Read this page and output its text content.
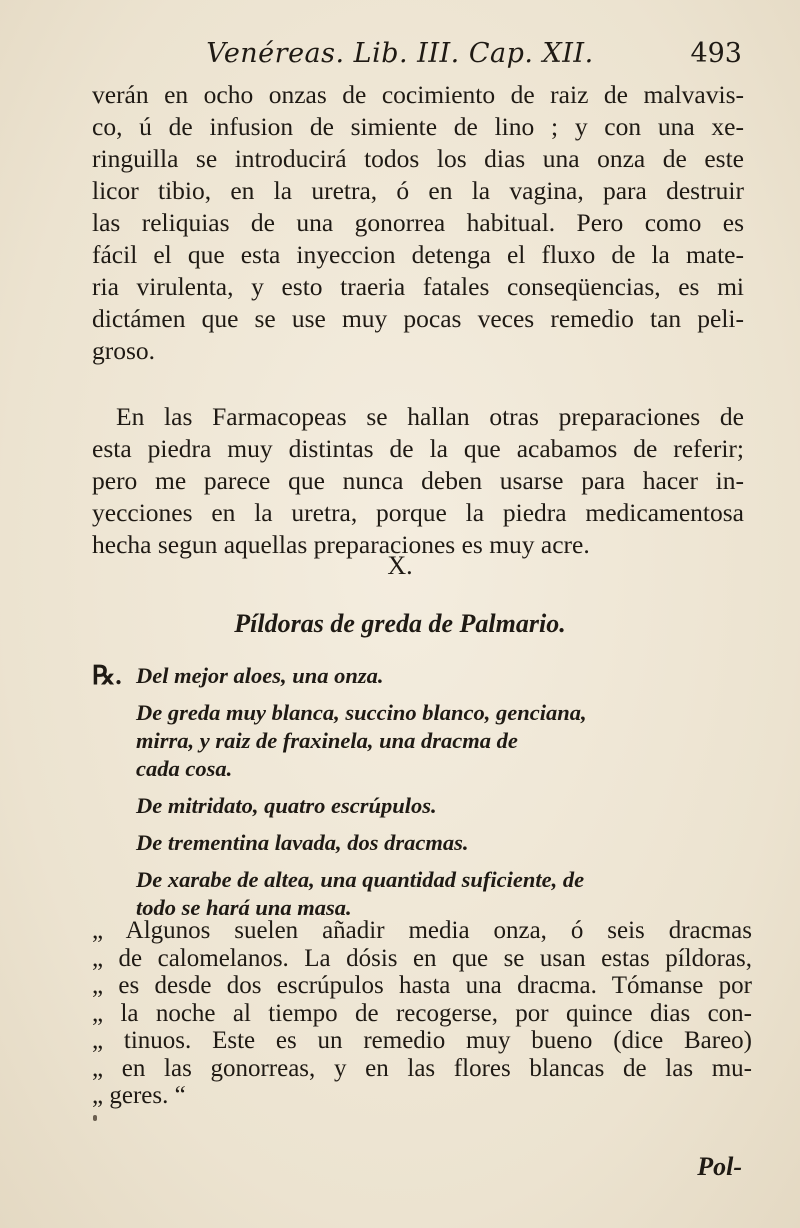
Venéreas. Lib. III. Cap. XII.	493
verán en ocho onzas de cocimiento de raiz de malvavis-
co, ú de infusion de simiente de lino ; y con una xe-
ringuilla se introducirá todos los dias una onza de este
licor tibio, en la uretra, ó en la vagina, para destruir
las reliquias de una gonorrea habitual. Pero como es
fácil el que esta inyeccion detenga el fluxo de la mate-
ria virulenta, y esto traeria fatales conseqüencias, es mi
dictámen que se use muy pocas veces remedio tan peli-
groso.
En las Farmacopeas se hallan otras preparaciones de
esta piedra muy distintas de la que acabamos de referir;
pero me parece que nunca deben usarse para hacer in-
yecciones en la uretra, porque la piedra medicamentosa
hecha segun aquellas preparaciones es muy acre.
X.
Píldoras de greda de Palmario.
℞. Del mejor aloes, una onza.
De greda muy blanca, succino blanco, genciana,
mirra, y raiz de fraxinela, una dracma de
cada cosa.
De mitridato, quatro escrúpulos.
De trementina lavada, dos dracmas.
De xarabe de altea, una quantidad suficiente, de
todo se hará una masa.
„ Algunos suelen añadir media onza, ó seis dracmas
„ de calomelanos. La dósis en que se usan estas píldoras,
„ es desde dos escrúpulos hasta una dracma. Tómanse por
„ la noche al tiempo de recogerse, por quince dias con-
„ tinuos. Este es un remedio muy bueno (dice Bareo)
„ en las gonorreas, y en las flores blancas de las mu-
„ geres. “
Pol-
